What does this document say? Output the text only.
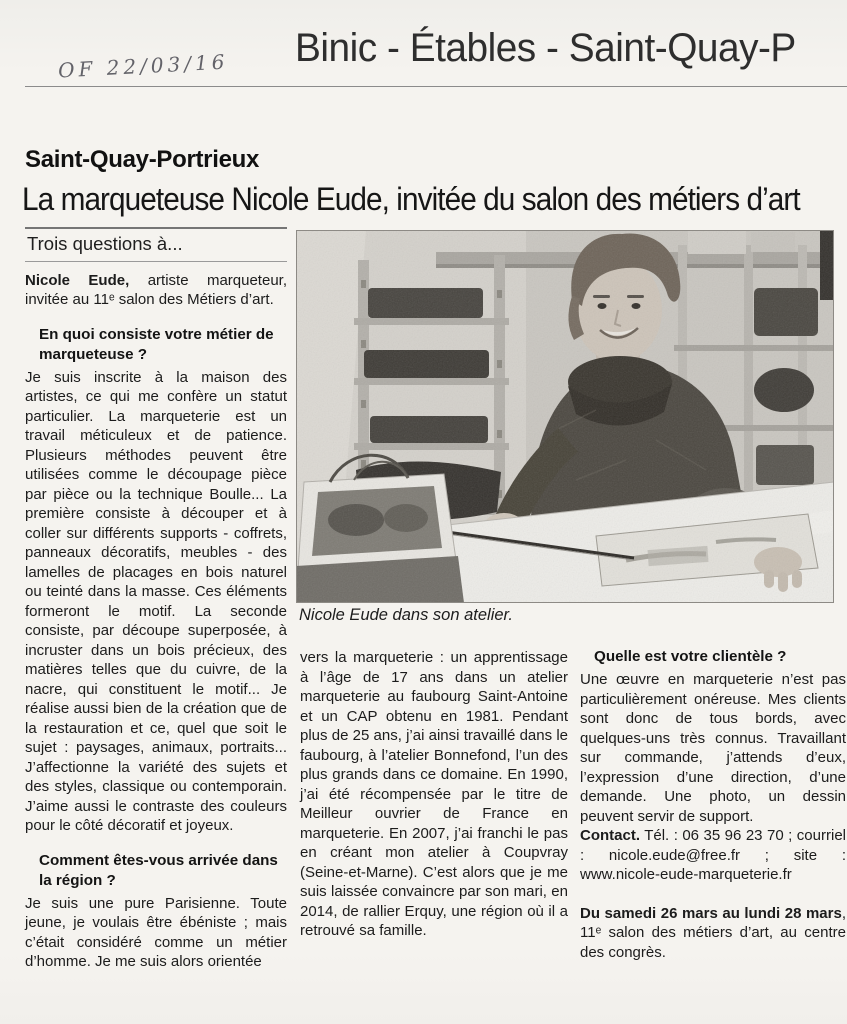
OF 22/03/16 Binic - Étables - Saint-Quay-P
Saint-Quay-Portrieux
La marqueteuse Nicole Eude, invitée du salon des métiers d’art
Trois questions à...

Nicole Eude, artiste marqueteur, invitée au 11ᵉ salon des Métiers d’art.

En quoi consiste votre métier de marqueteuse ?

Je suis inscrite à la maison des artistes, ce qui me confère un statut particulier. La marqueterie est un travail méticuleux et de patience. Plusieurs méthodes peuvent être utilisées comme le découpage pièce par pièce ou la technique Boulle... La première consiste à découper et à coller sur différents supports - coffrets, panneaux décoratifs, meubles - des lamelles de placages en bois naturel ou teinté dans la masse. Ces éléments formeront le motif. La seconde consiste, par découpe superposée, à incruster dans un bois précieux, des matières telles que du cuivre, de la nacre, qui constituent le motif... Je réalise aussi bien de la création que de la restauration et ce, quel que soit le sujet : paysages, animaux, portraits... J’affectionne la variété des sujets et des styles, classique ou contemporain. J’aime aussi le contraste des couleurs pour le côté décoratif et joyeux.

Comment êtes-vous arrivée dans la région ?

Je suis une pure Parisienne. Toute jeune, je voulais être ébéniste ; mais c’était considéré comme un métier d’homme. Je me suis alors orientée

Nicole Eude dans son atelier.

vers la marqueterie : un apprentissage à l’âge de 17 ans dans un atelier marqueterie au faubourg Saint-Antoine et un CAP obtenu en 1981. Pendant plus de 25 ans, j’ai ainsi travaillé dans le faubourg, à l’atelier Bonnefond, l’un des plus grands dans ce domaine. En 1990, j’ai été récompensée par le titre de Meilleur ouvrier de France en marqueterie. En 2007, j’ai franchi le pas en créant mon atelier à Coupvray (Seine-et-Marne). C’est alors que je me suis laissée convaincre par son mari, en 2014, de rallier Erquy, une région où il a retrouvé sa famille.

Quelle est votre clientèle ?

Une œuvre en marqueterie n’est pas particulièrement onéreuse. Mes clients sont donc de tous bords, avec quelques-uns très connus. Travaillant sur commande, j’attends d’eux, l’expression d’une direction, d’une demande. Une photo, un dessin peuvent servir de support.

Contact. Tél. : 06 35 96 23 70 ; courriel : nicole.eude@free.fr ; site : www.nicole-eude-marqueterie.fr

Du samedi 26 mars au lundi 28 mars, 11ᵉ salon des métiers d’art, au centre des congrès.
